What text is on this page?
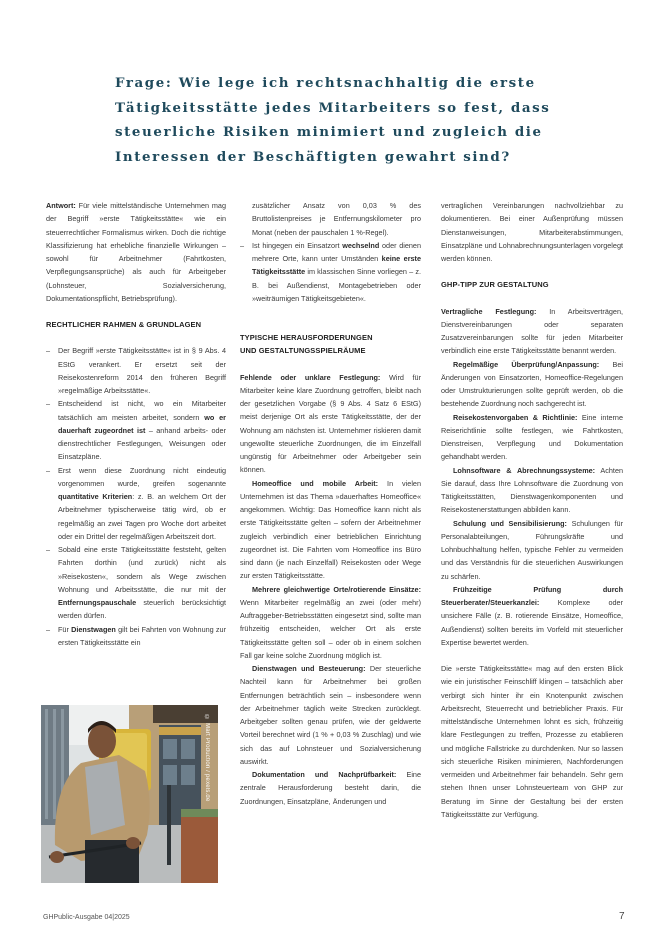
Frage: Wie lege ich rechtsnachhaltig die erste Tätigkeitsstätte jedes Mitarbeiters so fest, dass steuerliche Risiken minimiert und zugleich die Interessen der Beschäftigten gewahrt sind?

Antwort: Für viele mittelständische Unternehmen mag der Begriff »erste Tätigkeitsstätte« wie ein steuerrechtlicher Formalismus wirken. Doch die richtige Klassifizierung hat erhebliche finanzielle Wirkungen – sowohl für Arbeitnehmer (Fahrtkosten, Verpflegungsansprüche) als auch für Arbeitgeber (Lohnsteuer, Sozialversicherung, Dokumentationspflicht, Betriebsprüfung).

RECHTLICHER RAHMEN & GRUNDLAGEN
– Der Begriff »erste Tätigkeitsstätte« ist in § 9 Abs. 4 EStG verankert. Er ersetzt seit der Reisekostenreform 2014 den früheren Begriff »regelmäßige Arbeitsstätte«.
– Entscheidend ist nicht, wo ein Mitarbeiter tatsächlich am meisten arbeitet, sondern wo er dauerhaft zugeordnet ist – anhand arbeits- oder dienstrechtlicher Festlegungen, Weisungen oder Einsatzpläne.
– Erst wenn diese Zuordnung nicht eindeutig vorgenommen wurde, greifen sogenannte quantitative Kriterien: z. B. an welchem Ort der Arbeitnehmer typischerweise tätig wird, ob er regelmäßig an zwei Tagen pro Woche dort arbeitet oder ein Drittel der regelmäßigen Arbeitszeit dort.
– Sobald eine erste Tätigkeitsstätte feststeht, gelten Fahrten dorthin (und zurück) nicht als »Reisekosten«, sondern als Wege zwischen Wohnung und Arbeitsstätte, die nur mit der Entfernungspauschale steuerlich berücksichtigt werden dürfen.
– Für Dienstwagen gilt bei Fahrten von Wohnung zur ersten Tätigkeitsstätte ein
© Mart Production / pexels.de
zusätzlicher Ansatz von 0,03 % des Bruttolistenpreises je Entfernungskilometer pro Monat (neben der pauschalen 1 %-Regel).
– Ist hingegen ein Einsatzort wechselnd oder dienen mehrere Orte, kann unter Umständen keine erste Tätigkeitsstätte im klassischen Sinne vorliegen – z. B. bei Außendienst, Montagebetrieben oder »weiträumigen Tätigkeitsgebieten«.
TYPISCHE HERAUSFORDERUNGEN UND GESTALTUNGSSPIELRÄUME

Fehlende oder unklare Festlegung: Wird für Mitarbeiter keine klare Zuordnung getroffen, bleibt nach der gesetzlichen Vorgabe (§ 9 Abs. 4 Satz 6 EStG) meist derjenige Ort als erste Tätigkeitsstätte, der der Wohnung am nächsten ist. Unternehmer riskieren damit ungewollte steuerliche Zuordnungen, die im Einzelfall ungünstig für Arbeitnehmer oder Arbeitgeber sein können.

Homeoffice und mobile Arbeit: In vielen Unternehmen ist das Thema »dauerhaftes Homeoffice« angekommen. Wichtig: Das Homeoffice kann nicht als erste Tätigkeitsstätte gelten – sofern der Arbeitnehmer zugleich verbindlich einer betrieblichen Einrichtung zugeordnet ist. Die Fahrten vom Homeoffice ins Büro sind dann (je nach Einzelfall) Reisekosten oder Wege zur ersten Tätigkeitsstätte.

Mehrere gleichwertige Orte/rotierende Einsätze: Wenn Mitarbeiter regelmäßig an zwei (oder mehr) Auftraggeber-Betriebsstätten eingesetzt sind, sollte man frühzeitig entscheiden, welcher Ort als erste Tätigkeitsstätte gelten soll – oder ob in einem solchen Fall gar keine solche Zuordnung möglich ist.

Dienstwagen und Besteuerung: Der steuerliche Nachteil kann für Arbeitnehmer bei großen Entfernungen beträchtlich sein – insbesondere wenn der Arbeitnehmer täglich weite Strecken zurücklegt. Arbeitgeber sollten genau prüfen, wie der geldwerte Vorteil berechnet wird (1 % + 0,03 % Zuschlag) und wie sich das auf Lohnsteuer und Sozialversicherung auswirkt.

Dokumentation und Nachprüfbarkeit: Eine zentrale Herausforderung besteht darin, die Zuordnungen, Einsatzpläne, Änderungen und

vertraglichen Vereinbarungen nachvollziehbar zu dokumentieren. Bei einer Außenprüfung müssen Dienstanweisungen, Mitarbeiterabstimmungen, Einsatzpläne und Lohnabrechnungsunterlagen vorgelegt werden können.

GHP-TIPP ZUR GESTALTUNG

Vertragliche Festlegung: In Arbeitsverträgen, Dienstvereinbarungen oder separaten Zusatzvereinbarungen sollte für jeden Mitarbeiter verbindlich eine erste Tätigkeitsstätte benannt werden.

Regelmäßige Überprüfung/Anpassung: Bei Änderungen von Einsatzorten, Homeoffice-Regelungen oder Umstrukturierungen sollte geprüft werden, ob die bestehende Zuordnung noch sachgerecht ist.

Reisekostenvorgaben & Richtlinie: Eine interne Reiserichtlinie sollte festlegen, wie Fahrtkosten, Dienstreisen, Verpflegung und Dokumentation gehandhabt werden.

Lohnsoftware & Abrechnungssysteme: Achten Sie darauf, dass Ihre Lohnsoftware die Zuordnung von Tätigkeitsstätten, Dienstwagenkomponenten und Reisekostenerstattungen abbilden kann.

Schulung und Sensibilisierung: Schulungen für Personalabteilungen, Führungskräfte und Lohnbuchhaltung helfen, typische Fehler zu vermeiden und das Verständnis für die steuerlichen Auswirkungen zu schärfen.

Frühzeitige Prüfung durch Steuerberater/Steuerkanzlei: Komplexe oder unsichere Fälle (z. B. rotierende Einsätze, Homeoffice, Außendienst) sollten bereits im Vorfeld mit steuerlicher Expertise bewertet werden.

Die »erste Tätigkeitsstätte« mag auf den ersten Blick wie ein juristischer Feinschliff klingen – tatsächlich aber verbirgt sich hinter ihr ein Knotenpunkt zwischen Arbeitsrecht, Steuerrecht und betrieblicher Praxis. Für mittelständische Unternehmen lohnt es sich, frühzeitig klare Festlegungen zu treffen, Prozesse zu etablieren und mögliche Fallstricke zu durchdenken. Nur so lassen sich steuerliche Risiken minimieren, Nachforderungen vermeiden und Arbeitnehmer fair behandeln. Sehr gern stehen Ihnen unser Lohnsteuerteam von GHP zur Beratung im Sinne der Gestaltung bei der ersten Tätigkeitsstätte zur Verfügung.

GHPublic-Ausgabe 04|2025	7
